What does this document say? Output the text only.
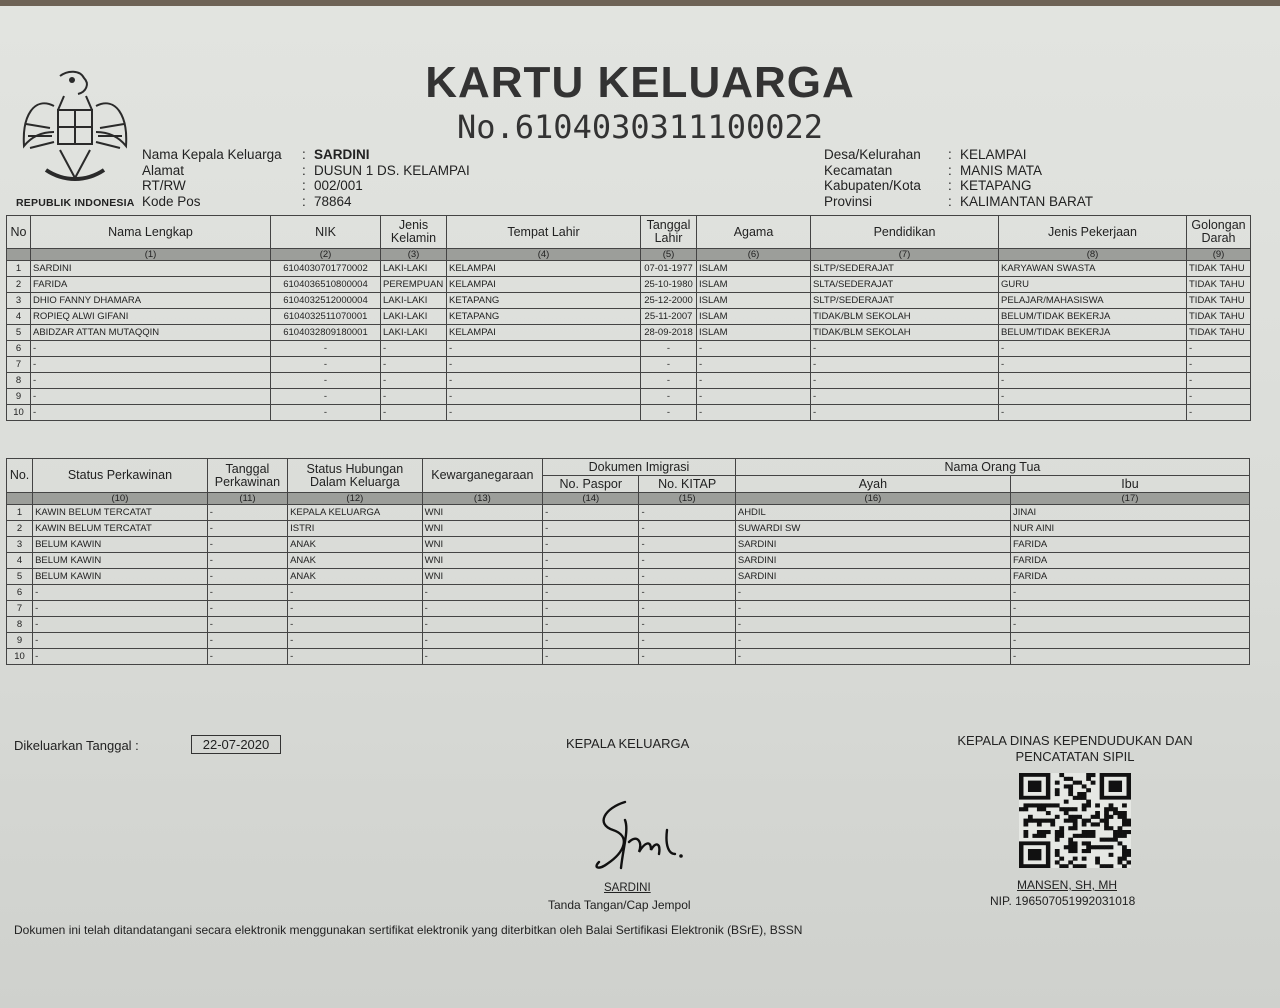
REPUBLIK INDONESIA
KARTU KELUARGA
No.6104030311100022
Nama Kepala Keluarga	: SARDINI
Alamat	: DUSUN 1 DS. KELAMPAI
RT/RW	: 002/001
Kode Pos	: 78864
Desa/Kelurahan	: KELAMPAI
Kecamatan	: MANIS MATA
Kabupaten/Kota	: KETAPANG
Provinsi	: KALIMANTAN BARAT
No	Nama Lengkap	NIK	Jenis Kelamin	Tempat Lahir	Tanggal Lahir	Agama	Pendidikan	Jenis Pekerjaan	Golongan Darah
	(1)	(2)	(3)	(4)	(5)	(6)	(7)	(8)	(9)
1	SARDINI	6104030701770002	LAKI-LAKI	KELAMPAI	07-01-1977	ISLAM	SLTP/SEDERAJAT	KARYAWAN SWASTA	TIDAK TAHU
2	FARIDA	6104036510800004	PEREMPUAN	KELAMPAI	25-10-1980	ISLAM	SLTA/SEDERAJAT	GURU	TIDAK TAHU
3	DHIO FANNY DHAMARA	6104032512000004	LAKI-LAKI	KETAPANG	25-12-2000	ISLAM	SLTP/SEDERAJAT	PELAJAR/MAHASISWA	TIDAK TAHU
4	ROPIEQ ALWI GIFANI	6104032511070001	LAKI-LAKI	KETAPANG	25-11-2007	ISLAM	TIDAK/BLM SEKOLAH	BELUM/TIDAK BEKERJA	TIDAK TAHU
5	ABIDZAR ATTAN MUTAQQIN	6104032809180001	LAKI-LAKI	KELAMPAI	28-09-2018	ISLAM	TIDAK/BLM SEKOLAH	BELUM/TIDAK BEKERJA	TIDAK TAHU
6	-	-	-	-	-	-	-	-	-
7	-	-	-	-	-	-	-	-	-
8	-	-	-	-	-	-	-	-	-
9	-	-	-	-	-	-	-	-	-
10	-	-	-	-	-	-	-	-	-
No.	Status Perkawinan	Tanggal Perkawinan	Status Hubungan Dalam Keluarga	Kewarganegaraan	Dokumen Imigrasi		Nama Orang Tua	
					No. Paspor	No. KITAP	Ayah	Ibu
	(10)	(11)	(12)	(13)	(14)	(15)	(16)	(17)
1	KAWIN BELUM TERCATAT	-	KEPALA KELUARGA	WNI	-	-	AHDIL	JINAI
2	KAWIN BELUM TERCATAT	-	ISTRI	WNI	-	-	SUWARDI SW	NUR AINI
3	BELUM KAWIN	-	ANAK	WNI	-	-	SARDINI	FARIDA
4	BELUM KAWIN	-	ANAK	WNI	-	-	SARDINI	FARIDA
5	BELUM KAWIN	-	ANAK	WNI	-	-	SARDINI	FARIDA
6	-	-	-	-	-	-	-	-
7	-	-	-	-	-	-	-	-
8	-	-	-	-	-	-	-	-
9	-	-	-	-	-	-	-	-
10	-	-	-	-	-	-	-	-
Dikeluarkan Tanggal :	22-07-2020	KEPALA KELUARGA
SARDINI
Tanda Tangan/Cap Jempol
KEPALA DINAS KEPENDUDUKAN DAN
PENCATATAN SIPIL
MANSEN, SH, MH
NIP. 196507051992031018
Dokumen ini telah ditandatangani secara elektronik menggunakan sertifikat elektronik yang diterbitkan oleh Balai Sertifikasi Elektronik (BSrE), BSSN
